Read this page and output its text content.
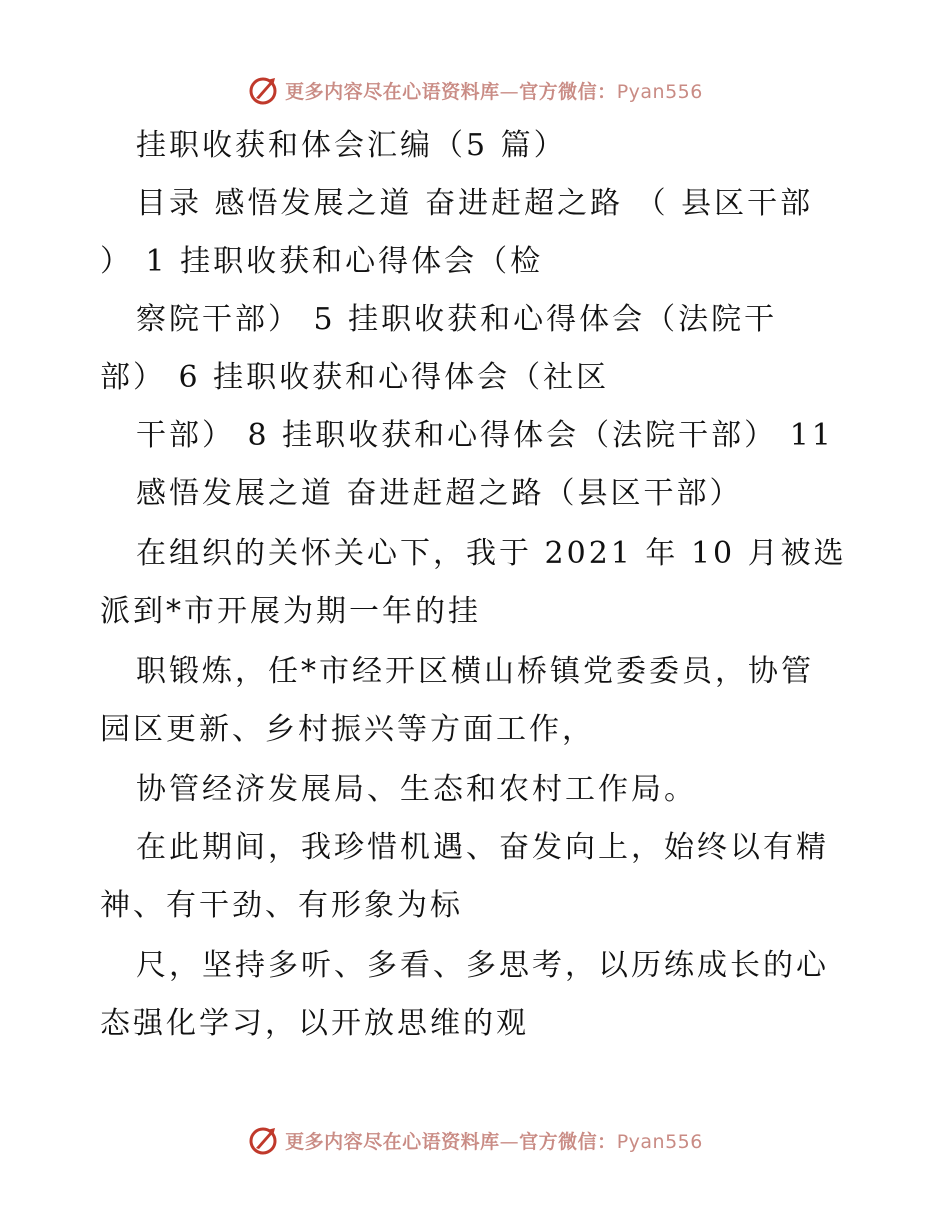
更多内容尽在心语资料库—官方微信：Pyan556
挂职收获和体会汇编（5 篇）
目录 感悟发展之道 奋进赶超之路 （ 县区干部
） 1 挂职收获和心得体会（检
察院干部） 5 挂职收获和心得体会（法院干
部） 6 挂职收获和心得体会（社区
干部） 8 挂职收获和心得体会（法院干部） 11
感悟发展之道 奋进赶超之路（县区干部）
在组织的关怀关心下，我于 2021 年 10 月被选
派到*市开展为期一年的挂
职锻炼，任*市经开区横山桥镇党委委员，协管
园区更新、乡村振兴等方面工作，
协管经济发展局、生态和农村工作局。
在此期间，我珍惜机遇、奋发向上，始终以有精
神、有干劲、有形象为标
尺，坚持多听、多看、多思考，以历练成长的心
态强化学习，以开放思维的观
更多内容尽在心语资料库—官方微信：Pyan556
